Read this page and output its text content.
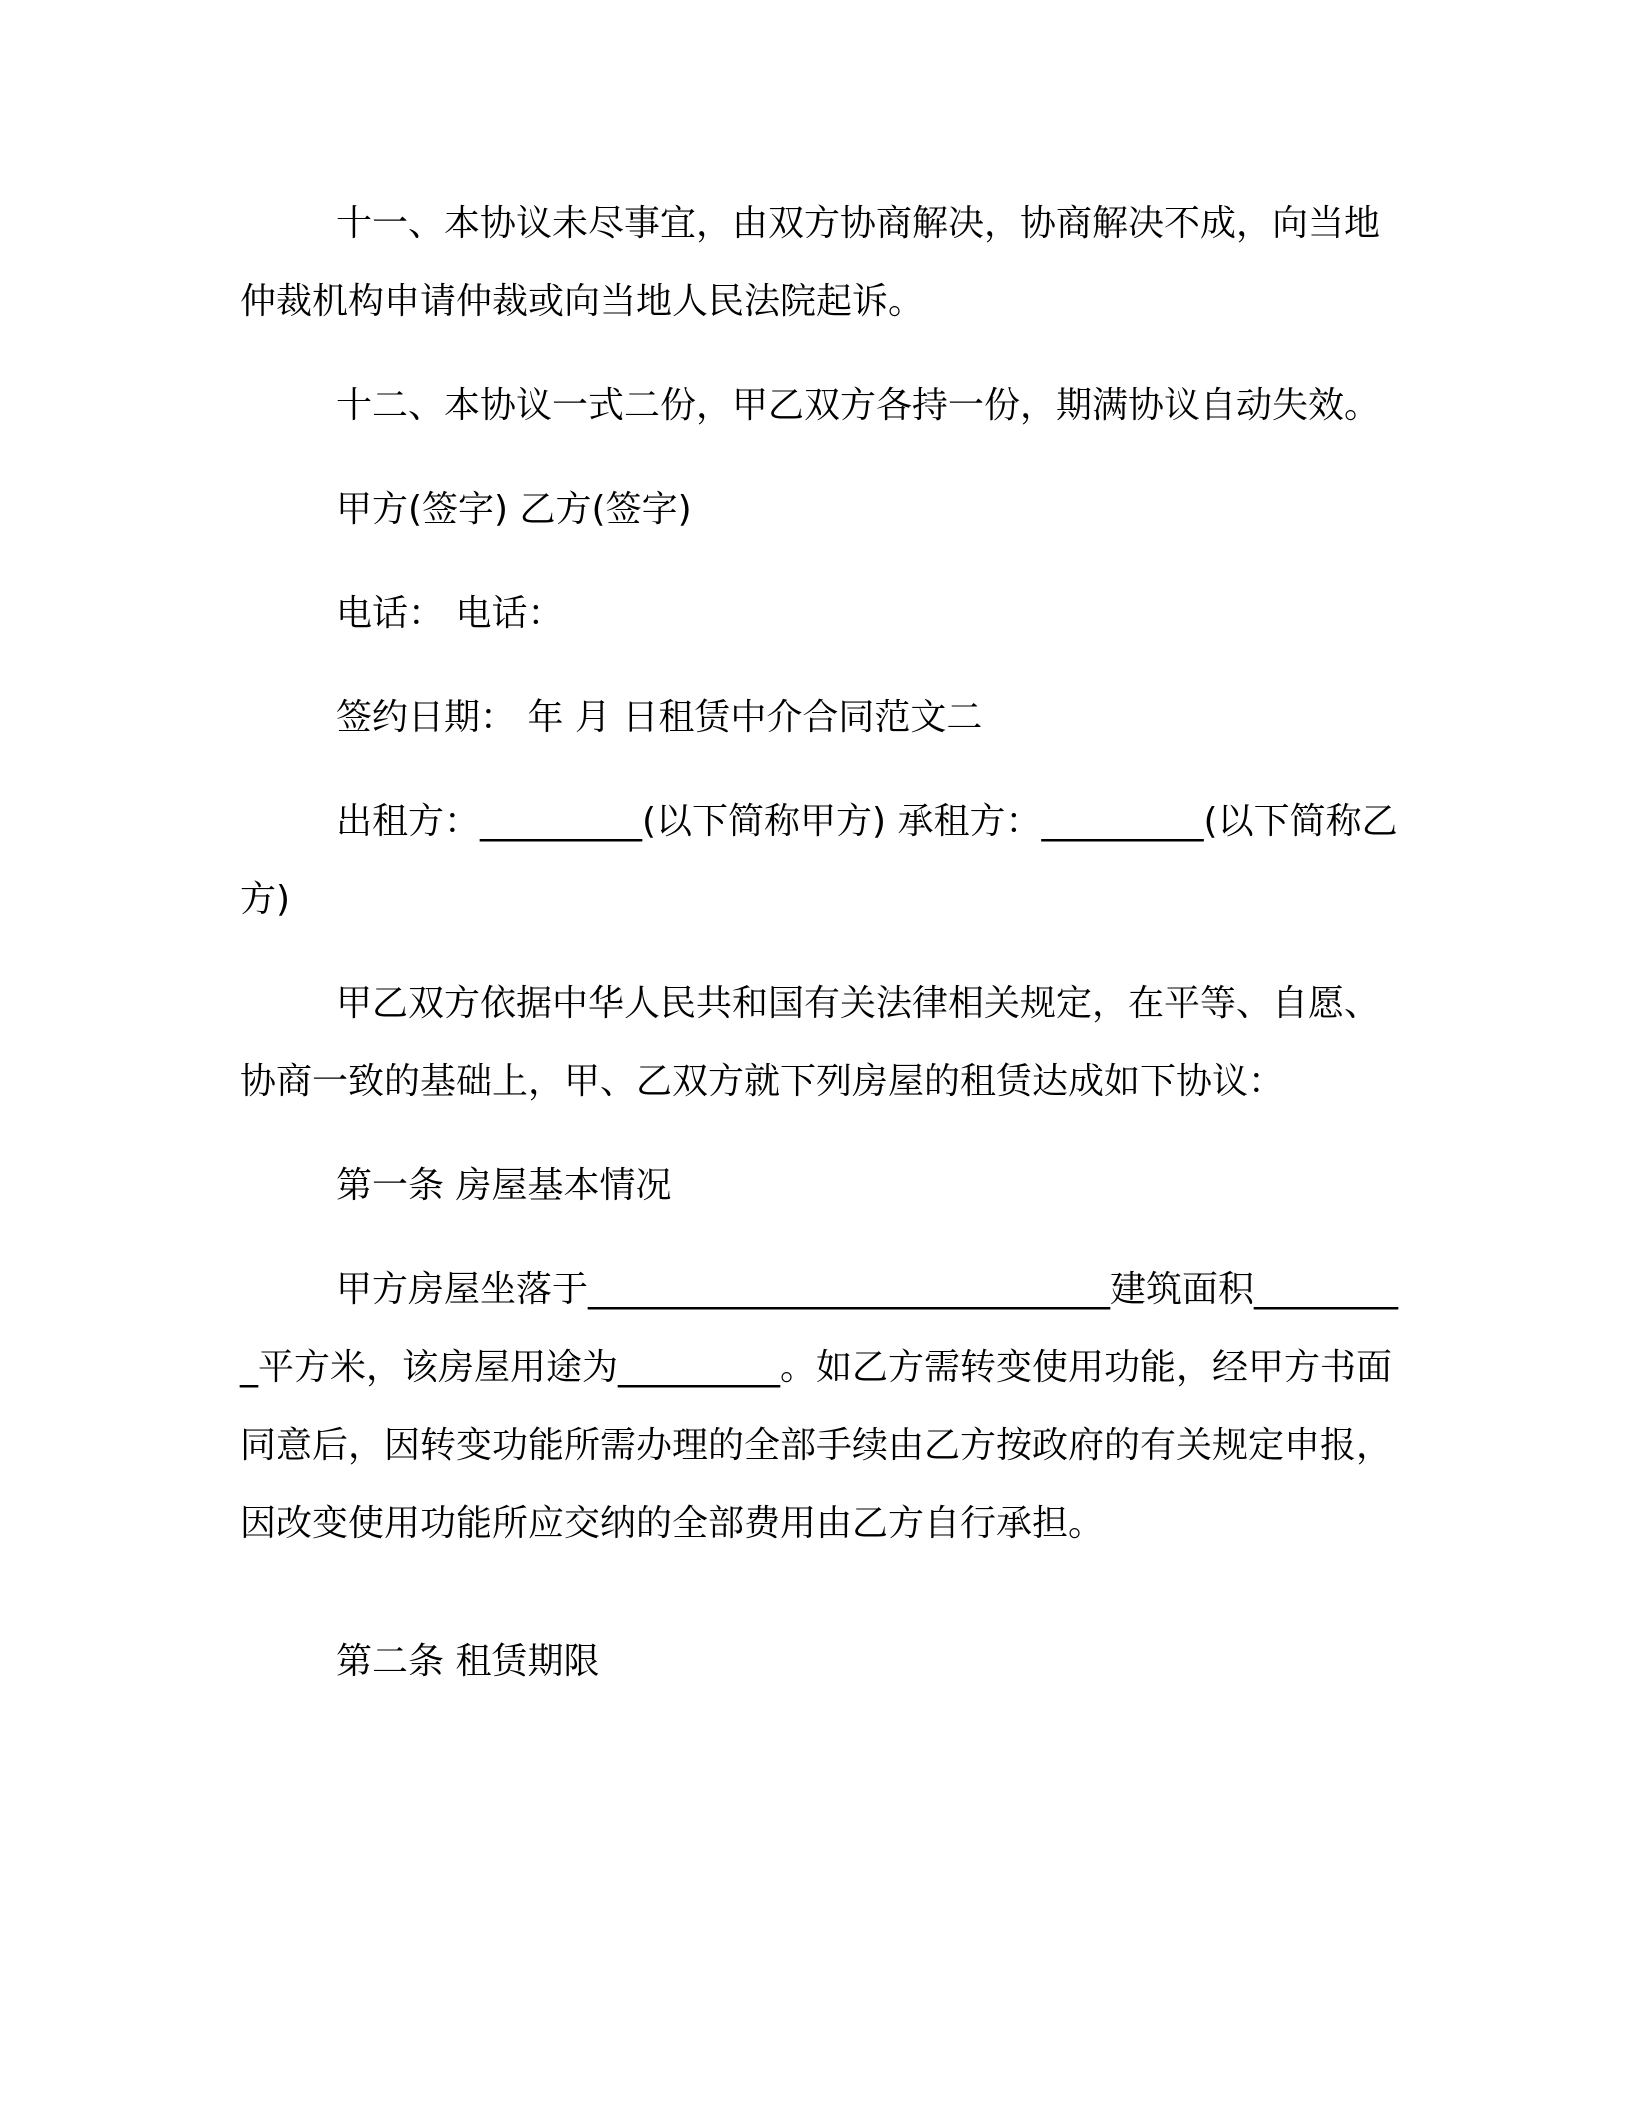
十一、本协议未尽事宜，由双方协商解决，协商解决不成，向当地仲裁机构申请仲裁或向当地人民法院起诉。

十二、本协议一式二份，甲乙双方各持一份，期满协议自动失效。

甲方(签字) 乙方(签字)

电话： 电话：

签约日期： 年 月 日租赁中介合同范文二

出租方：_________(以下简称甲方) 承租方：_________(以下简称乙方)

甲乙双方依据中华人民共和国有关法律相关规定，在平等、自愿、协商一致的基础上，甲、乙双方就下列房屋的租赁达成如下协议：

第一条 房屋基本情况

甲方房屋坐落于_____________________________建筑面积_________平方米，该房屋用途为_________。如乙方需转变使用功能，经甲方书面同意后，因转变功能所需办理的全部手续由乙方按政府的有关规定申报，因改变使用功能所应交纳的全部费用由乙方自行承担。

第二条 租赁期限
